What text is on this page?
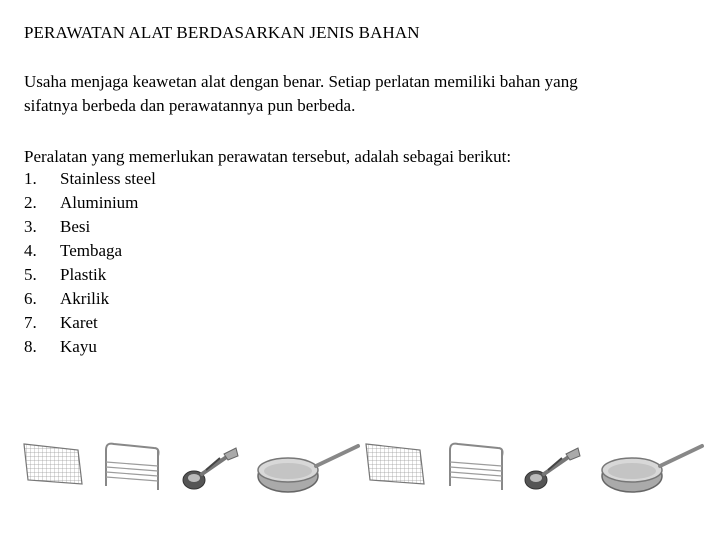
PERAWATAN ALAT BERDASARKAN JENIS BAHAN
Usaha menjaga keawetan alat dengan benar. Setiap perlatan memiliki bahan yang
sifatnya berbeda dan perawatannya pun berbeda.
Peralatan yang memerlukan perawatan tersebut, adalah sebagai berikut:
1.	Stainless steel
2.	Aluminium
3.	Besi
4.	Tembaga
5.	Plastik
6.	Akrilik
7.	Karet
8.	Kayu
